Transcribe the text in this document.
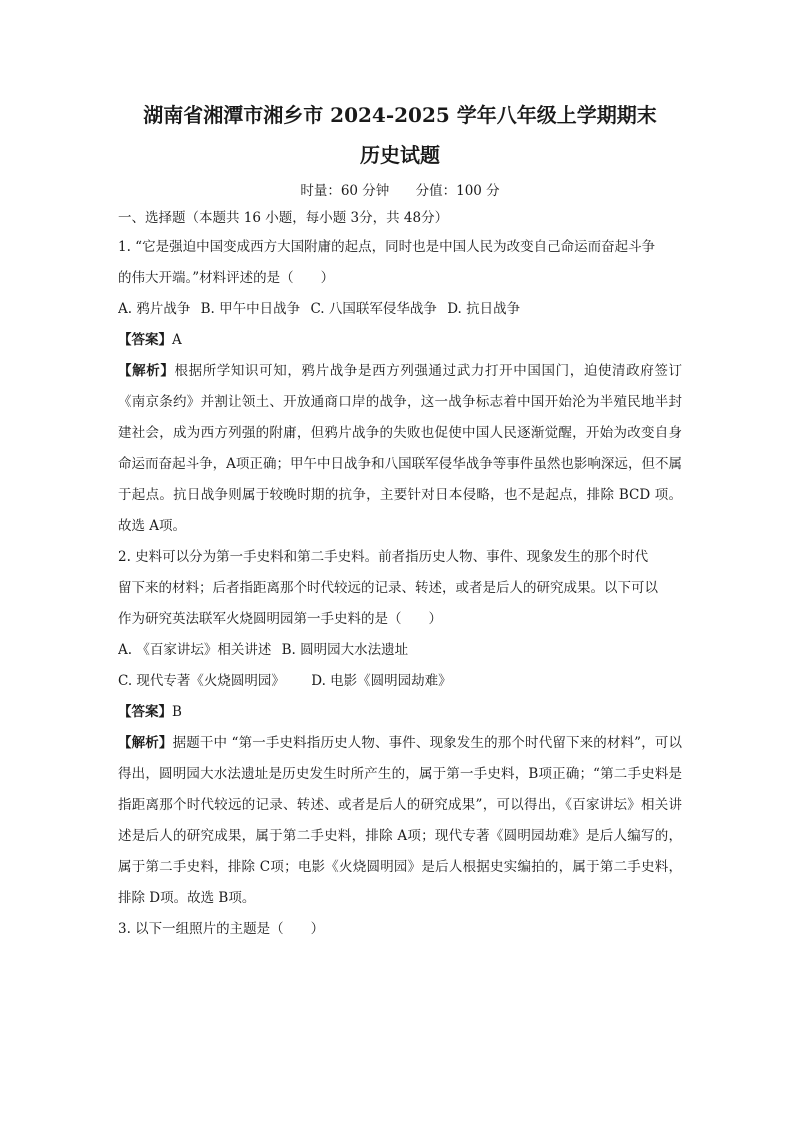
湖南省湘潭市湘乡市 2024-2025 学年八年级上学期期末
历史试题
时量：60 分钟 分值：100 分
一、选择题（本题共 16 小题，每小题 3分，共 48分）

1. “它是强迫中国变成西方大国附庸的起点，同时也是中国人民为改变自己命运而奋起斗争

的伟大开端。”材料评述的是（　　）

A. 鸦片战争 B. 甲午中日战争 C. 八国联军侵华战争 D. 抗日战争

【答案】A

【解析】根据所学知识可知，鸦片战争是西方列强通过武力打开中国国门，迫使清政府签订《南京条约》并割让领土、开放通商口岸的战争，这一战争标志着中国开始沦为半殖民地半封建社会，成为西方列强的附庸，但鸦片战争的失败也促使中国人民逐渐觉醒，开始为改变自身命运而奋起斗争，A项正确；甲午中日战争和八国联军侵华战争等事件虽然也影响深远，但不属于起点。抗日战争则属于较晚时期的抗争，主要针对日本侵略，也不是起点，排除 BCD 项。故选 A项。

2. 史料可以分为第一手史料和第二手史料。前者指历史人物、事件、现象发生的那个时代

留下来的材料；后者指距离那个时代较远的记录、转述，或者是后人的研究成果。以下可以

作为研究英法联军火烧圆明园第一手史料的是（　　）

A. 《百家讲坛》相关讲述 B. 圆明园大水法遗址

C. 现代专著《火烧圆明园》 D. 电影《圆明园劫难》

【答案】B

【解析】据题干中 “第一手史料指历史人物、事件、现象发生的那个时代留下来的材料”，可以得出，圆明园大水法遗址是历史发生时所产生的，属于第一手史料，B项正确；“第二手史料是指距离那个时代较远的记录、转述、或者是后人的研究成果”，可以得出，《百家讲坛》相关讲述是后人的研究成果，属于第二手史料，排除 A项；现代专著《圆明园劫难》是后人编写的，属于第二手史料，排除 C项；电影《火烧圆明园》是后人根据史实编拍的，属于第二手史料，排除 D项。故选 B项。

3. 以下一组照片的主题是（　　）
